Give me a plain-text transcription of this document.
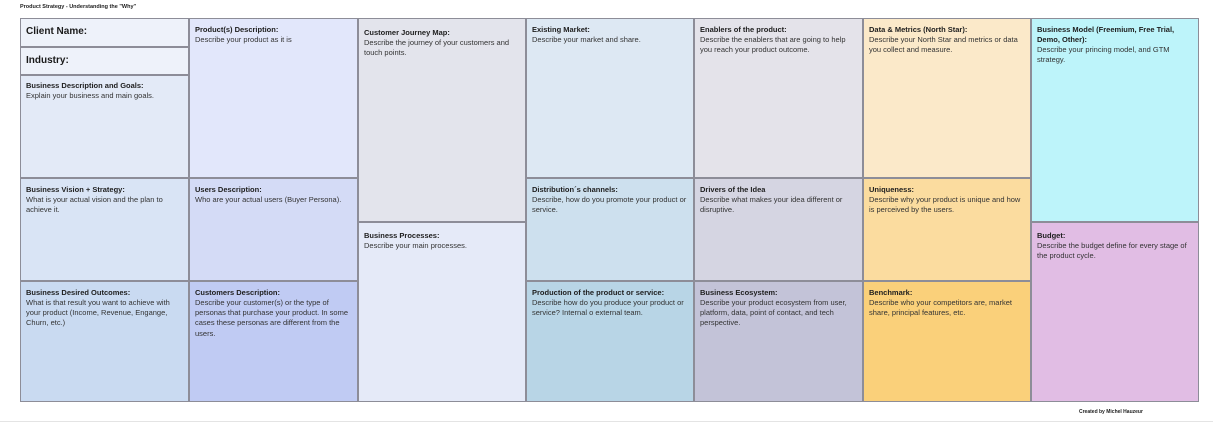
Product Strategy - Understanding the "Why"
Client Name:
Industry:
Business Description and Goals:
Explain your business and main goals.
Business Vision + Strategy:
What is your actual vision and the plan to achieve it.
Business Desired Outcomes:
What is that result you want to achieve with your product (Income, Revenue, Engange, Churn, etc.)
Product(s) Description:
Describe your product as it is
Users Description:
Who are your actual users (Buyer Persona).
Customers Description:
Describe your customer(s) or the type of personas that purchase your product. In some cases these personas are different from the users.
Customer Journey Map:
Describe the journey of your customers and touch points.
Business Processes:
Describe your main processes.
Existing Market:
Describe your market and share.
Distribution´s channels:
Describe, how do you promote your product or service.
Production of the product or service:
Describe how do you produce your product or service? Internal o external team.
Enablers of the product:
Describe the enablers that are going to help you reach your product outcome.
Drivers of the Idea
Describe what makes your idea different or disruptive.
Business Ecosystem:
Describe your product ecosystem from user, platform, data, point of contact, and tech perspective.
Data & Metrics (North Star):
Describe your North Star and metrics or data you collect and measure.
Uniqueness:
Describe why your product is unique and how is perceived by the users.
Benchmark:
Describe who your competitors are, market share, principal features, etc.
Business Model (Freemium, Free Trial, Demo, Other):
Describe your princing model, and GTM strategy.
Budget:
Describe the budget define for every stage of the product cycle.
Created by Michel Hauzeur
